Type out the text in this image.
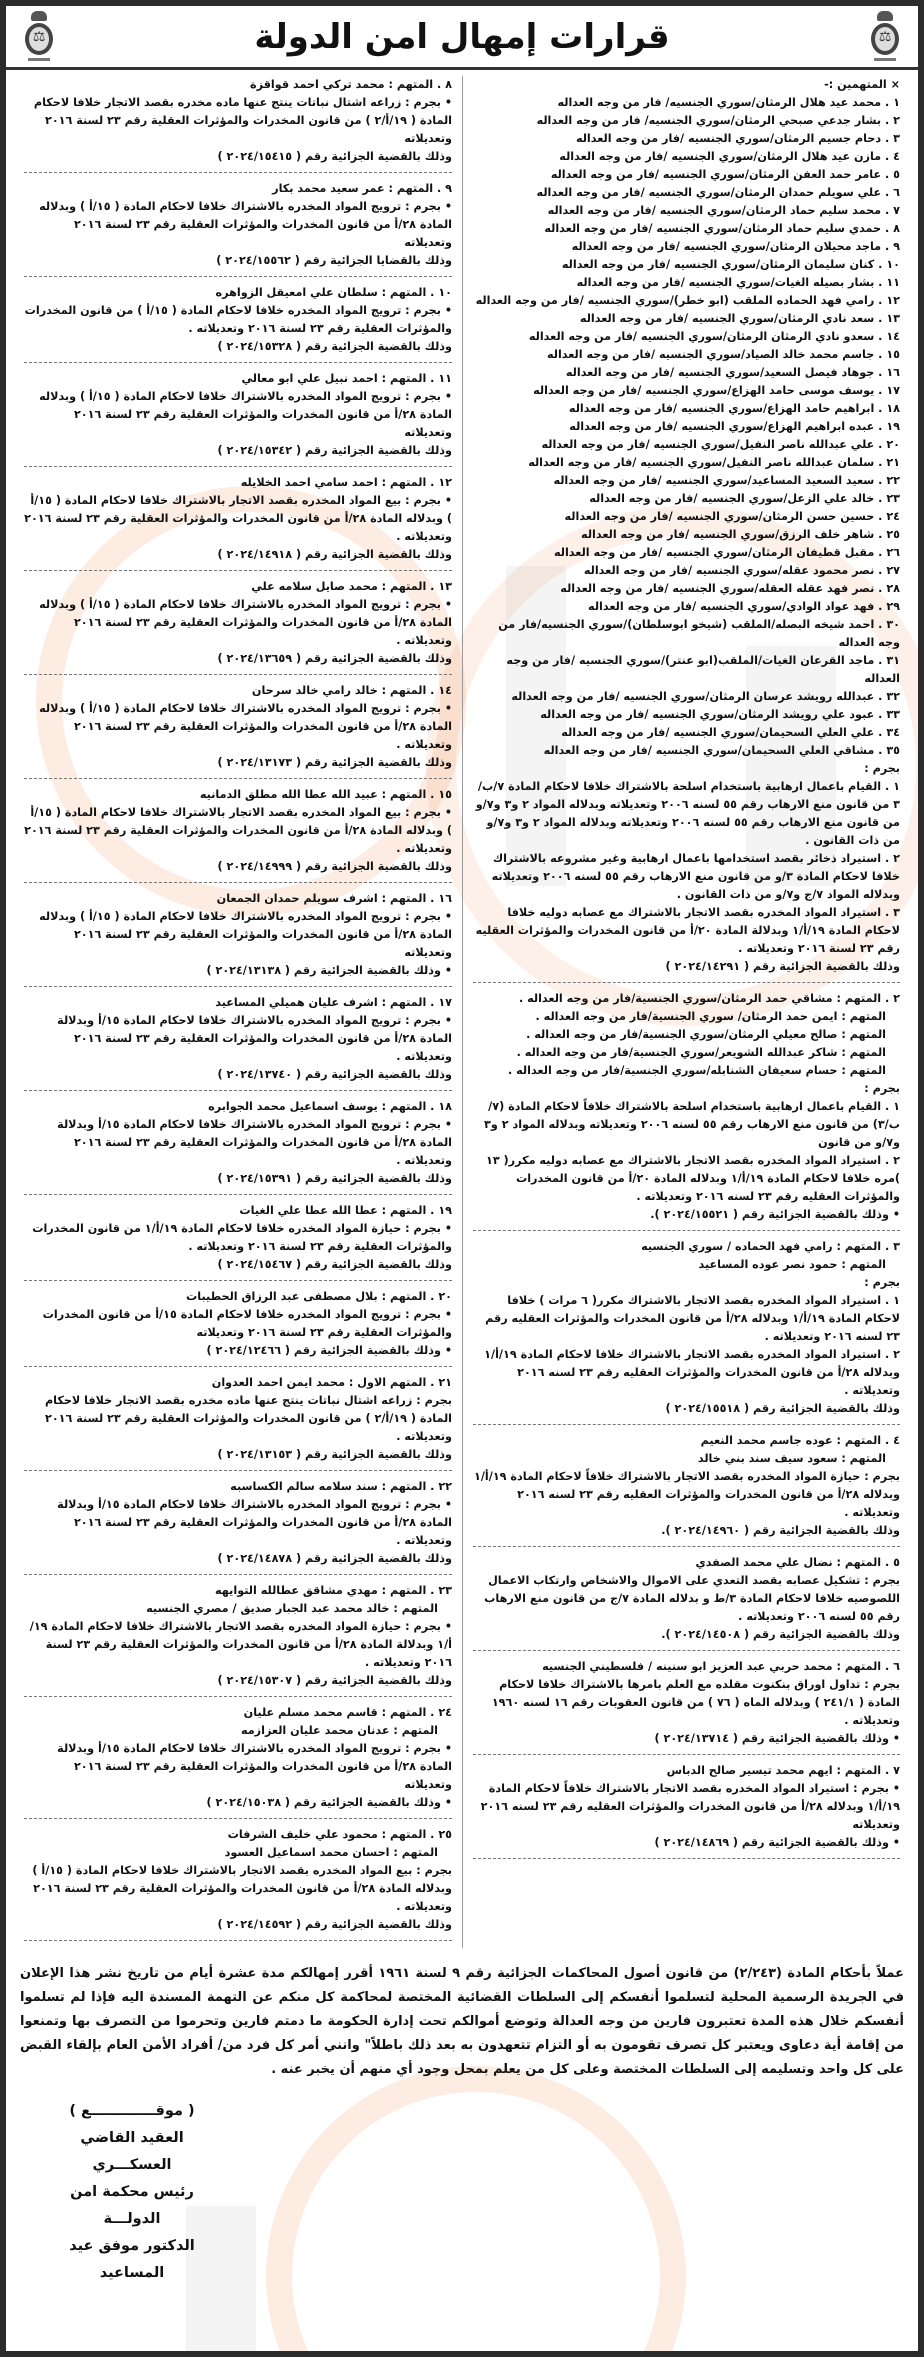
⚖
قرارات إمهال امن الدولة
⚖
× المتهمين :-
١ . محمد عيد هلال الرمثان/سوري الجنسيه/ فار من وجه العداله
٢ . بشار جدعي صبحي الرمثان/سوري الجنسيه/ فار من وجه العداله
٣ . دحام جسيم الرمثان/سوري الجنسيه /فار من وجه العداله
٤ . مازن عيد هلال الرمثان/سوري الجنسيه /فار من وجه العداله
٥ . عامر حمد العفن الرمثان/سوري الجنسيه /فار من وجه العداله
٦ . علي سويلم حمدان الرمثان/سوري الجنسيه /فار من وجه العداله
٧ . محمد سليم حماد الرمثان/سوري الجنسيه /فار من وجه العداله
٨ . حمدي سليم حماد الرمثان/سوري الجنسيه /فار من وجه العداله
٩ . ماجد محيلان الرمثان/سوري الجنسيه /فار من وجه العداله
١٠ . كنان سليمان الرمثان/سوري الجنسيه /فار من وجه العداله
١١ . بشار بصيله الغيات/سوري الجنسيه /فار من وجه العداله
١٢ . رامي فهد الحماده الملقب (ابو خطر)/سوري الجنسيه /فار من وجه العداله
١٣ . سعد نادي الرمثان/سوري الجنسيه /فار من وجه العداله
١٤ . سعدو نادي الرمثان الرمثان/سوري الجنسيه /فار من وجه العداله
١٥ . جاسم محمد خالد الصياد/سوري الجنسيه /فار من وجه العداله
١٦ . جوهاد فيصل السعيد/سوري الجنسيه /فار من وجه العداله
١٧ . يوسف موسى حامد الهزاع/سوري الجنسيه /فار من وجه العداله
١٨ . ابراهيم حامد الهزاع/سوري الجنسيه /فار من وجه العداله
١٩ . عبده ابراهيم الهزاع/سوري الجنسيه /فار من وجه العداله
٢٠ . علي عبدالله ناصر النفيل/سوري الجنسيه /فار من وجه العداله
٢١ . سلمان عبدالله ناصر النفيل/سوري الجنسيه /فار من وجه العداله
٢٢ . سعيد السعيد المساعيد/سوري الجنسيه /فار من وجه العداله
٢٣ . خالد علي الزعل/سوري الجنسيه /فار من وجه العداله
٢٤ . حسين حسن الرمثان/سوري الجنسيه /فار من وجه العداله
٢٥ . شاهر خلف الرزق/سوري الجنسيه /فار من وجه العداله
٢٦ . مقبل قطيفان الرمثان/سوري الجنسيه /فار من وجه العداله
٢٧ . نصر محمود عقله/سوري الجنسيه /فار من وجه العداله
٢٨ . نصر فهد عقله العقله/سوري الجنسيه /فار من وجه العداله
٢٩ . فهد عواد الوادي/سوري الجنسيه /فار من وجه العداله
٣٠ . احمد شيخه البصله/الملقب (شيخو ابوسلطان)/سوري الجنسيه/فار من وجه العداله
٣١ . ماجد القرعان الغيات/الملقب(ابو عنتر)/سوري الجنسيه /فار من وجه العداله
٣٢ . عبدالله رويشد عرسان الرمثان/سوري الجنسيه /فار من وجه العداله
٣٣ . عبود علي رويشد الرمثان/سوري الجنسيه /فار من وجه العداله
٣٤ . علي العلي السحيمان/سوري الجنسيه /فار من وجه العداله
٣٥ . مشاقي العلي السحيمان/سوري الجنسيه /فار من وجه العداله
بجرم :
١ . القيام باعمال ارهابية باستخدام اسلحة بالاشتراك خلافا لاحكام المادة ٧/ب/٣ من قانون منع الارهاب رقم ٥٥ لسنه ٢٠٠٦ وتعديلاته وبدلاله المواد ٢ و٣ و٧/و من قانون منع الارهاب رقم ٥٥ لسنه ٢٠٠٦ وتعديلاته وبدلاله المواد ٢ و٣ و٧/و من ذات القانون .
٢ . استيراد ذخائر بقصد استخدامها باعمال ارهابية وغير مشروعه بالاشتراك خلافا لاحكام المادة ٣/و من قانون منع الارهاب رقم ٥٥ لسنه ٢٠٠٦ وتعديلاته وبدلاله المواد ٧/ج و٧/و من ذات القانون .
٣ . استيراد المواد المخدره بقصد الاتجار بالاشتراك مع عصابه دوليه خلافا لاحكام المادة ١٩/أ/١ وبدلالة المادة ٢٠/أ من قانون المخدرات والمؤثرات العقليه رقم ٢٣ لسنة ٢٠١٦ وتعديلاته .
وذلك بالقضية الجزائية رقم ( ٢٠٢٤/١٤٢٩١ )
٢ . المتهم : مشاقي حمد الرمثان/سوري الجنسية/فار من وجه العداله .
المتهم : ايمن حمد الرمثان/ سوري الجنسية/فار من وجه العداله .
المتهم : صالح معيلي الرمثان/سوري الجنسية/فار من وجه العداله .
المتهم : شاكر عبدالله الشويعر/سوري الجنسية/فار من وجه العداله .
المتهم : حسام سعيفان الشنابله/سوري الجنسية/فار من وجه العداله .
بجرم :
١ . القيام باعمال ارهابية باستخدام اسلحة بالاشتراك خلافاً لاحكام المادة (٧/ب/٣) من قانون منع الارهاب رقم ٥٥ لسنه ٢٠٠٦ وتعديلاته وبدلاله المواد ٢ و٣ و٧/و من قانون
٢ . استيراد المواد المخدره بقصد الاتجار بالاشتراك مع عصابه دوليه مكرر( ١٣ )مره خلافا لاحكام المادة ١٩/أ/١ وبدلاله المادة ٢٠/أ من قانون المخدرات والمؤثرات العقليه رقم ٢٣ لسنه ٢٠١٦ وتعديلاته .
• وذلك بالقضية الجزائية رقم ( ٢٠٢٤/١٥٥٢١ ).
٣ . المتهم : رامي فهد الحماده / سوري الجنسيه
المتهم : حمود نصر عوده المساعيد
بجرم :
١ . استيراد المواد المخدره بقصد الاتجار بالاشتراك مكرر( ٦ مرات ) خلافا لاحكام المادة ١٩/أ/١ وبدلاله ٢٨/أ من قانون المخدرات والمؤثرات العقليه رقم ٢٣ لسنه ٢٠١٦ وتعديلاته .
٢ . استيراد المواد المخدره بقصد الاتجار بالاشتراك خلافا لاحكام المادة ١٩/أ/١ وبدلاله ٢٨/أ من قانون المخدرات والمؤثرات العقليه رقم ٢٣ لسنه ٢٠١٦ وتعديلاته .
وذلك بالقضية الجزائية رقم ( ٢٠٢٤/١٥٥١٨ )
٤ . المتهم : عوده جاسم محمد النعيم
المتهم : سعود سيف سند بني خالد
بجرم : حيازة المواد المخدره بقصد الاتجار بالاشتراك خلافاً لاحكام المادة ١٩/أ/١ وبدلاله ٢٨/أ من قانون المخدرات والمؤثرات العقليه رقم ٢٣ لسنه ٢٠١٦ وتعديلاته .
وذلك بالقضية الجزائية رقم ( ٢٠٢٤/١٤٩٦٠ ).
٥ . المتهم : نضال علي محمد الصفدي
بجرم : تشكيل عصابه بقصد التعدي على الاموال والاشخاص وارتكاب الاعمال اللصوصيه خلافا لاحكام المادة ٣/ط و بدلاله المادة ٧/ج من قانون منع الارهاب رقم ٥٥ لسنه ٢٠٠٦ وتعديلاته .
وذلك بالقضية الجزائية رقم ( ٢٠٢٤/١٤٥٠٨ ).
٦ . المتهم : محمد حربي عبد العزيز ابو سنينه / فلسطيني الجنسيه
بجرم : تداول اوراق بنكنوت مقلده مع العلم بامرها بالاشتراك خلافا لاحكام المادة ( ٢٤١/١ ) وبدلاله الماه ( ٧٦ ) من قانون العقوبات رقم ١٦ لسنه ١٩٦٠ وتعديلاته .
• وذلك بالقضية الجزائية رقم ( ٢٠٢٤/١٣٧١٤ )
٧ . المتهم : ايهم محمد تيسير صالح الدباس
• بجرم : استيراد المواد المخدره بقصد الاتجار بالاشتراك خلافاً لاحكام المادة ١٩/أ/١ وبدلاله ٢٨/أ من قانون المخدرات والمؤثرات العقليه رقم ٢٣ لسنه ٢٠١٦ وتعديلاته
• وذلك بالقضية الجزائية رقم ( ٢٠٢٤/١٤٨٦٩ )
٨ . المتهم : محمد تركي احمد قواقزة
• بجرم : زراعه اشتال نباتات ينتج عنها ماده مخدره بقصد الاتجار خلافا لاحكام المادة ( ١٩/أ/٢ ) من قانون المخدرات والمؤثرات العقلية رقم ٢٣ لسنة ٢٠١٦ وتعديلاته
وذلك بالقضية الجزائية رقم ( ٢٠٢٤/١٥٤١٥ )
٩ . المتهم : عمر سعيد محمد بكار
• بجرم : ترويج المواد المخدره بالاشتراك خلافا لاحكام المادة ( ١٥/أ ) وبدلاله المادة ٢٨/أ من قانون المخدرات والمؤثرات العقلية رقم ٢٣ لسنة ٢٠١٦ وتعديلاته
وذلك بالقضايا الجزائية رقم ( ٢٠٢٤/١٥٥٦٢ )
١٠ . المتهم : سلطان علي امعيقل الزواهره
• بجرم : ترويج المواد المخدره خلافا لاحكام المادة ( ١٥/أ ) من قانون المخدرات والمؤثرات العقلية رقم ٢٣ لسنة ٢٠١٦ وتعديلاته .
وذلك بالقضية الجزائية رقم ( ٢٠٢٤/١٥٣٢٨ )
١١ . المتهم : احمد نبيل علي ابو معالي
• بجرم : ترويج المواد المخدره بالاشتراك خلافا لاحكام المادة ( ١٥/أ ) وبدلاله المادة ٢٨/أ من قانون المخدرات والمؤثرات العقلية رقم ٢٣ لسنة ٢٠١٦ وتعديلاته
وذلك بالقضية الجزائية رقم ( ٢٠٢٤/١٥٣٤٢ )
١٢ . المتهم : احمد سامي احمد الخلايله
• بجرم : بيع المواد المخدره بقصد الاتجار بالاشتراك خلافا لاحكام المادة ( ١٥/أ ) وبدلاله المادة ٢٨/أ من قانون المخدرات والمؤثرات العقلية رقم ٢٣ لسنة ٢٠١٦ وتعديلاته .
وذلك بالقضية الجزائية رقم ( ٢٠٢٤/١٤٩١٨ )
١٣ . المتهم : محمد صايل سلامه علي
• بجرم : ترويج المواد المخدره بالاشتراك خلافا لاحكام المادة ( ١٥/أ ) وبدلاله المادة ٢٨/أ من قانون المخدرات والمؤثرات العقلية رقم ٢٣ لسنة ٢٠١٦ وتعديلاته .
وذلك بالقضية الجزائية رقم ( ٢٠٢٤/١٣٦٥٩ )
١٤ . المتهم : خالد رامي خالد سرحان
• بجرم : ترويج المواد المخدره بالاشتراك خلافا لاحكام المادة ( ١٥/أ ) وبدلاله المادة ٢٨/أ من قانون المخدرات والمؤثرات العقلية رقم ٢٣ لسنة ٢٠١٦ وتعديلاته .
وذلك بالقضية الجزائية رقم ( ٢٠٢٤/١٣١٧٣ )
١٥ . المتهم : عبيد الله عطا الله مطلق الدمانيه
• بجرم : بيع المواد المخدره بقصد الاتجار بالاشتراك خلافا لاحكام المادة ( ١٥/أ ) وبدلاله المادة ٢٨/أ من قانون المخدرات والمؤثرات العقلية رقم ٢٣ لسنة ٢٠١٦ وتعديلاته .
وذلك بالقضية الجزائية رقم ( ٢٠٢٤/١٤٩٩٩ )
١٦ . المتهم : اشرف سويلم حمدان الجمعان
• بجرم : ترويج المواد المخدره بالاشتراك خلافا لاحكام المادة ( ١٥/أ ) وبدلاله المادة ٢٨/أ من قانون المخدرات والمؤثرات العقلية رقم ٢٣ لسنة ٢٠١٦ وتعديلاته
• وذلك بالقضية الجزائية رقم ( ٢٠٢٤/١٣١٣٨ )
١٧ . المتهم : اشرف عليان هميلي المساعيد
• بجرم : ترويج المواد المخدره بالاشتراك خلافا لاحكام المادة ١٥/أ وبدلالة المادة ٢٨/أ من قانون المخدرات والمؤثرات العقلية رقم ٢٣ لسنة ٢٠١٦ وتعديلاته .
وذلك بالقضية الجزائية رقم ( ٢٠٢٤/١٣٧٤٠ )
١٨ . المتهم : يوسف اسماعيل محمد الجوابره
• بجرم : ترويج المواد المخدره بالاشتراك خلافا لاحكام المادة ١٥/أ وبدلالة المادة ٢٨/أ من قانون المخدرات والمؤثرات العقلية رقم ٢٣ لسنة ٢٠١٦ وتعديلاته .
وذلك بالقضية الجزائية رقم ( ٢٠٢٤/١٥٣٩١ )
١٩ . المتهم : عطا الله عطا علي الغيات
• بجرم : حيازة المواد المخدره خلافا لاحكام المادة ١٩/أ/١ من قانون المخدرات والمؤثرات العقلية رقم ٢٣ لسنة ٢٠١٦ وتعديلاته .
وذلك بالقضية الجزائية رقم ( ٢٠٢٤/١٥٤٦٧ )
٢٠ . المتهم : بلال مصطفى عبد الرزاق الحطيبات
• بجرم : ترويج المواد المخدره خلافا لاحكام المادة ١٥/أ من قانون المخدرات والمؤثرات العقلية رقم ٢٣ لسنة ٢٠١٦ وتعديلاته
• وذلك بالقضية الجزائية رقم ( ٢٠٢٤/١٢٤٦٦ )
٢١ . المتهم الاول : محمد ايمن احمد العدوان
بجرم : زراعه اشتال نباتات ينتج عنها ماده مخدره بقصد الاتجار خلافا لاحكام المادة ( ١٩/أ/٢ ) من قانون المخدرات والمؤثرات العقلية رقم ٢٣ لسنة ٢٠١٦ وتعديلاته .
وذلك بالقضية الجزائية رقم ( ٢٠٢٤/١٣١٥٣ )
٢٢ . المتهم : سند سلامه سالم الكساسبه
• بجرم : ترويج المواد المخدره بالاشتراك خلافا لاحكام المادة ١٥/أ وبدلالة المادة ٢٨/أ من قانون المخدرات والمؤثرات العقلية رقم ٢٣ لسنة ٢٠١٦ وتعديلاته .
وذلك بالقضية الجزائية رقم ( ٢٠٢٤/١٤٨٧٨ )
٢٣ . المتهم : مهدي مشاقق عطالله التوايهه
المتهم : خالد محمد عبد الجبار صديق / مصري الجنسيه
• بجرم : حيازة المواد المخدره بقصد الاتجار بالاشتراك خلافا لاحكام المادة ١٩/أ/١ وبدلالة المادة ٢٨/أ من قانون المخدرات والمؤثرات العقلية رقم ٢٣ لسنة ٢٠١٦ وتعديلاته .
وذلك بالقضية الجزائية رقم ( ٢٠٢٤/١٥٣٠٧ )
٢٤ . المتهم : قاسم محمد مسلم عليان
المتهم : عدنان محمد عليان العزازمه
• بجرم : ترويج المواد المخدره بالاشتراك خلافا لاحكام المادة ١٥/أ وبدلالة المادة ٢٨/أ من قانون المخدرات والمؤثرات العقلية رقم ٢٣ لسنة ٢٠١٦ وتعديلاته
• وذلك بالقضية الجزائية رقم ( ٢٠٢٤/١٥٠٣٨ )
٢٥ . المتهم : محمود علي خليف الشرفات
المتهم : احسان محمد اسماعيل العسود
بجرم : بيع المواد المخدره بقصد الاتجار بالاشتراك خلافا لاحكام المادة ( ١٥/أ ) وبدلاله المادة ٢٨/أ من قانون المخدرات والمؤثرات العقلية رقم ٢٣ لسنة ٢٠١٦ وتعديلاته .
وذلك بالقضية الجزائية رقم ( ٢٠٢٤/١٤٥٩٢ )

عملاً بأحكام المادة (٢/٢٤٣) من قانون أصول المحاكمات الجزائية رقم ٩ لسنة ١٩٦١ أقرر إمهالكم مدة عشرة أيام من تاريخ نشر هذا الإعلان في الجريدة الرسمية المحلية لتسلموا أنفسكم إلى السلطات القضائية المختصة لمحاكمة كل منكم عن التهمة المسندة اليه فإذا لم تسلموا أنفسكم خلال هذه المدة تعتبرون فارين من وجه العدالة وتوضع أموالكم تحت إدارة الحكومة ما دمتم فارين وتحرموا من التصرف بها وتمنعوا من إقامة أية دعاوى ويعتبر كل تصرف تقومون به أو التزام تتعهدون به بعد ذلك باطلاً" وانني أمر كل فرد من/ أفراد الأمن العام بإلقاء القبض على كل واحد وتسليمه إلى السلطات المختصة وعلى كل من يعلم بمحل وجود أي منهم أن يخبر عنه .

( موقـــــــــــــع )
العقيد القاضي العسكـــري
رئيس محكمة امن الدولـــة
الدكتور موفق عيد المساعيد
